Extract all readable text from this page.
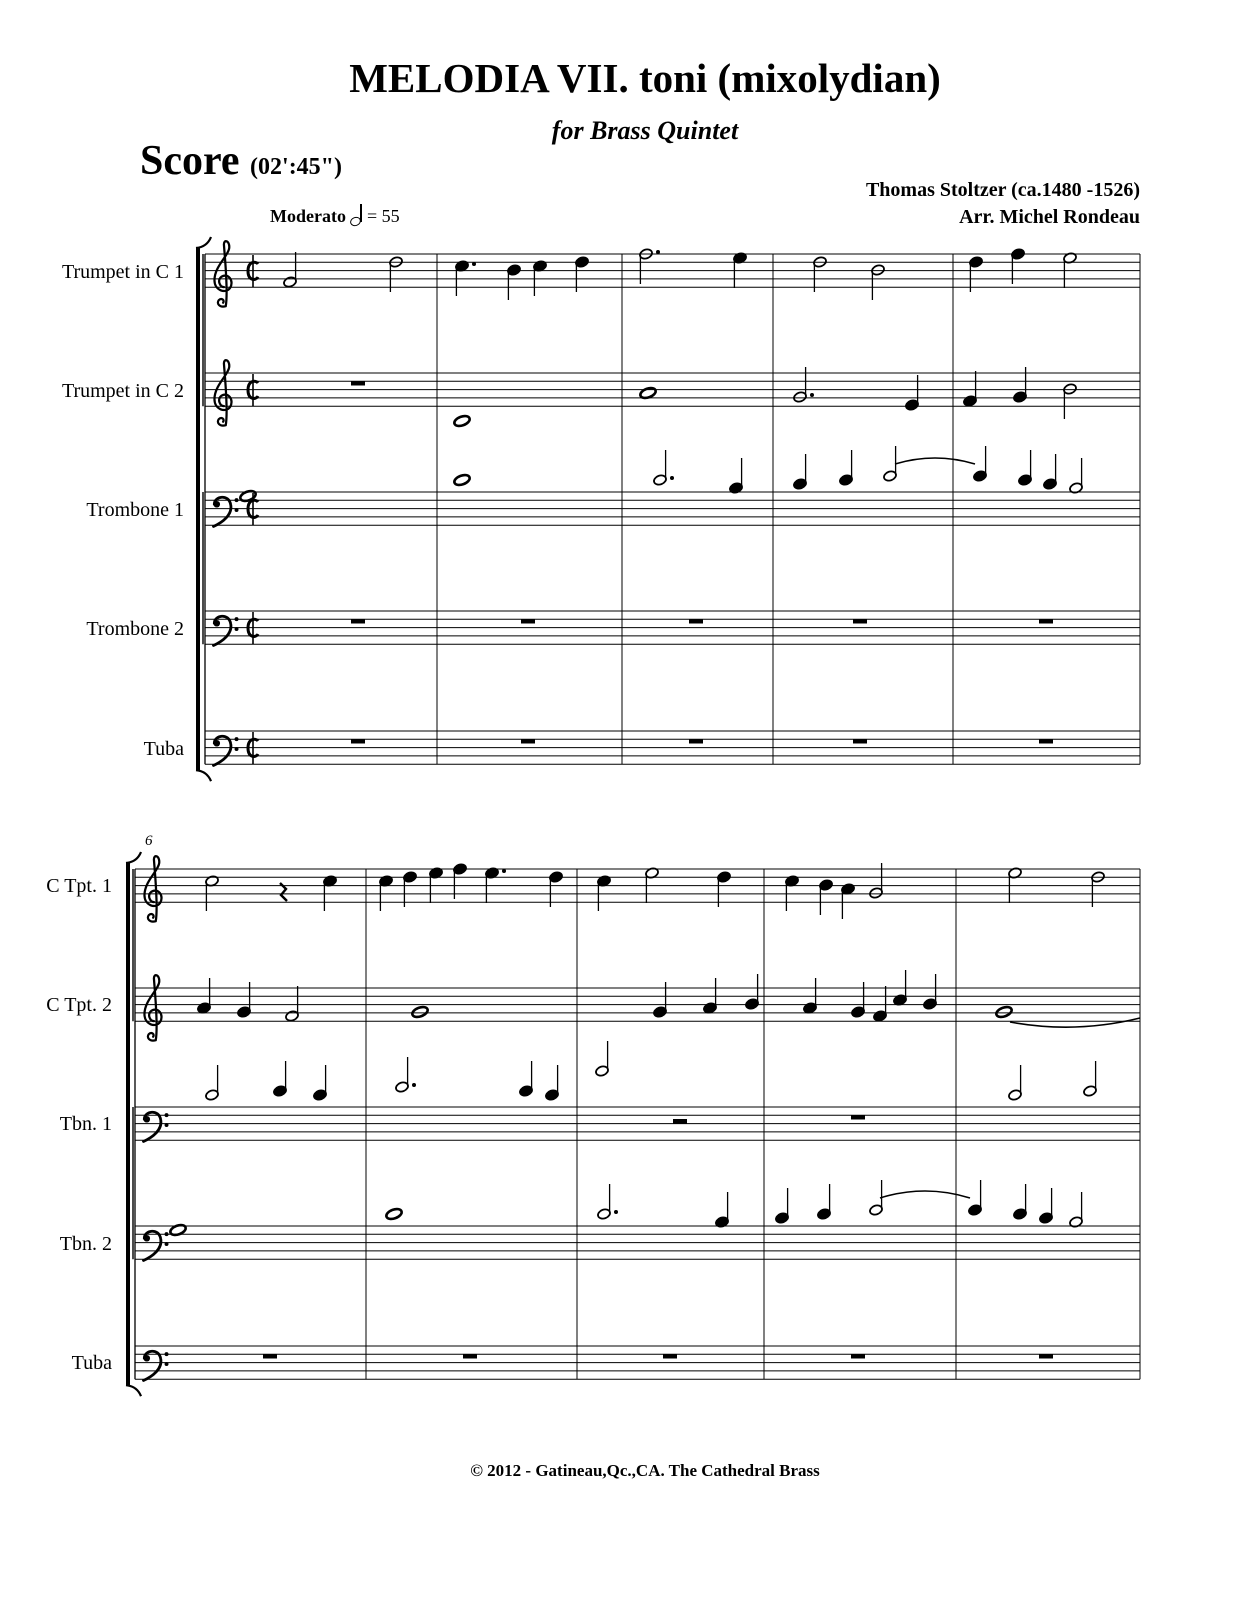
MELODIA VII. toni (mixolydian)
for Brass Quintet
Score (02':45")
Thomas Stoltzer (ca.1480 -1526)
Arr. Michel Rondeau
Moderato = 55
Trumpet in C 1
Trumpet in C 2
Trombone 1
Trombone 2
Tuba
C Tpt. 1
C Tpt. 2
Tbn. 1
Tbn. 2
Tuba
6
© 2012 - Gatineau,Qc.,CA. The Cathedral Brass
